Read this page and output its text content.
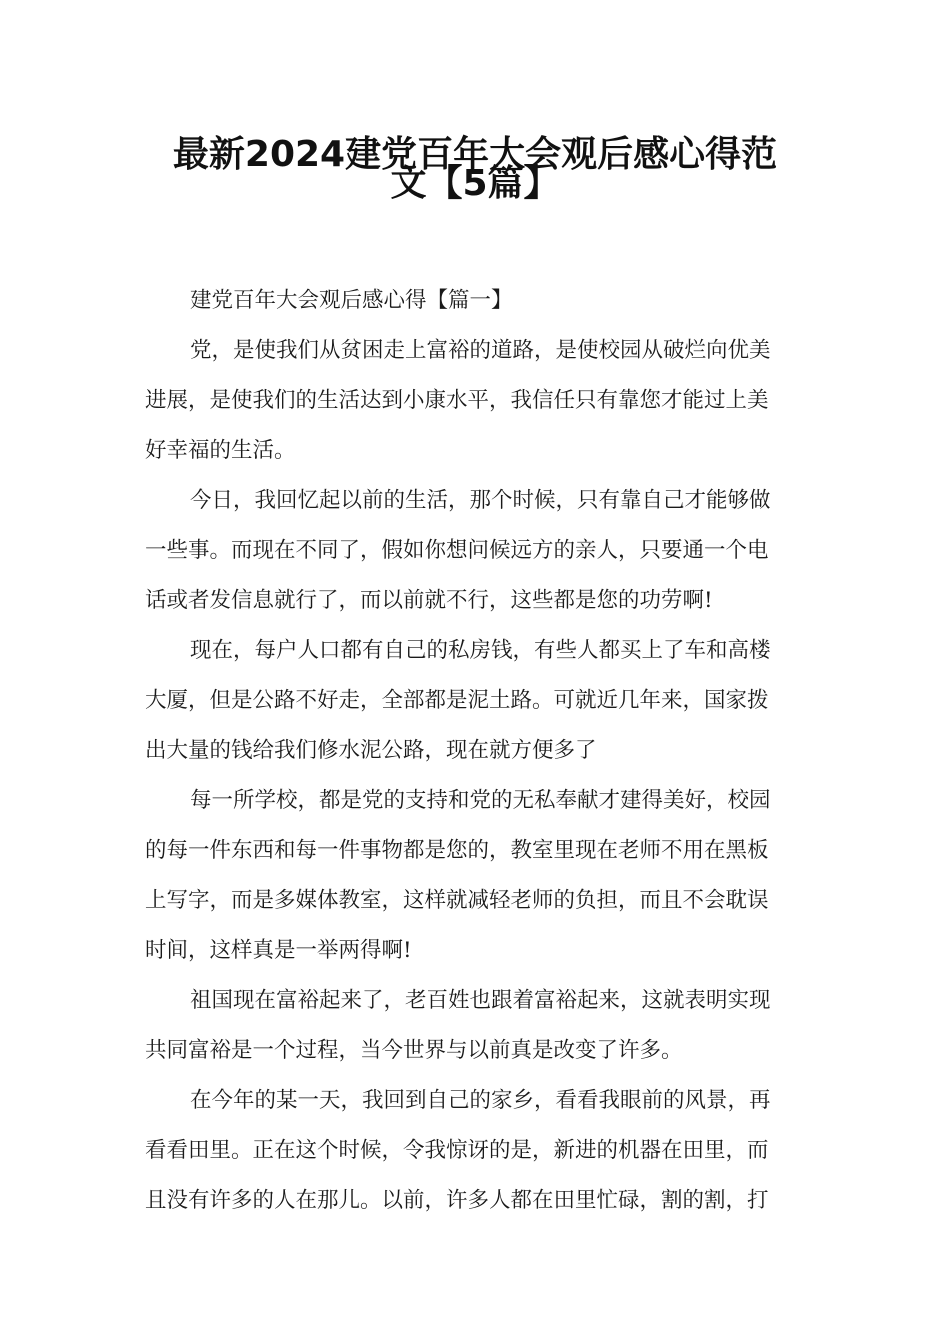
最新2024建党百年大会观后感心得范
文【5篇】

建党百年大会观后感心得【篇一】

党，是使我们从贫困走上富裕的道路，是使校园从破烂向优美

进展，是使我们的生活达到小康水平，我信任只有靠您才能过上美

好幸福的生活。

今日，我回忆起以前的生活，那个时候，只有靠自己才能够做

一些事。而现在不同了，假如你想问候远方的亲人，只要通一个电

话或者发信息就行了，而以前就不行，这些都是您的功劳啊!

现在，每户人口都有自己的私房钱，有些人都买上了车和高楼

大厦，但是公路不好走，全部都是泥土路。可就近几年来，国家拨

出大量的钱给我们修水泥公路，现在就方便多了

每一所学校，都是党的支持和党的无私奉献才建得美好，校园

的每一件东西和每一件事物都是您的，教室里现在老师不用在黑板

上写字，而是多媒体教室，这样就减轻老师的负担，而且不会耽误

时间，这样真是一举两得啊!

祖国现在富裕起来了，老百姓也跟着富裕起来，这就表明实现

共同富裕是一个过程，当今世界与以前真是改变了许多。

在今年的某一天，我回到自己的家乡，看看我眼前的风景，再

看看田里。正在这个时候，令我惊讶的是，新进的机器在田里，而

且没有许多的人在那儿。以前，许多人都在田里忙碌，割的割，打
